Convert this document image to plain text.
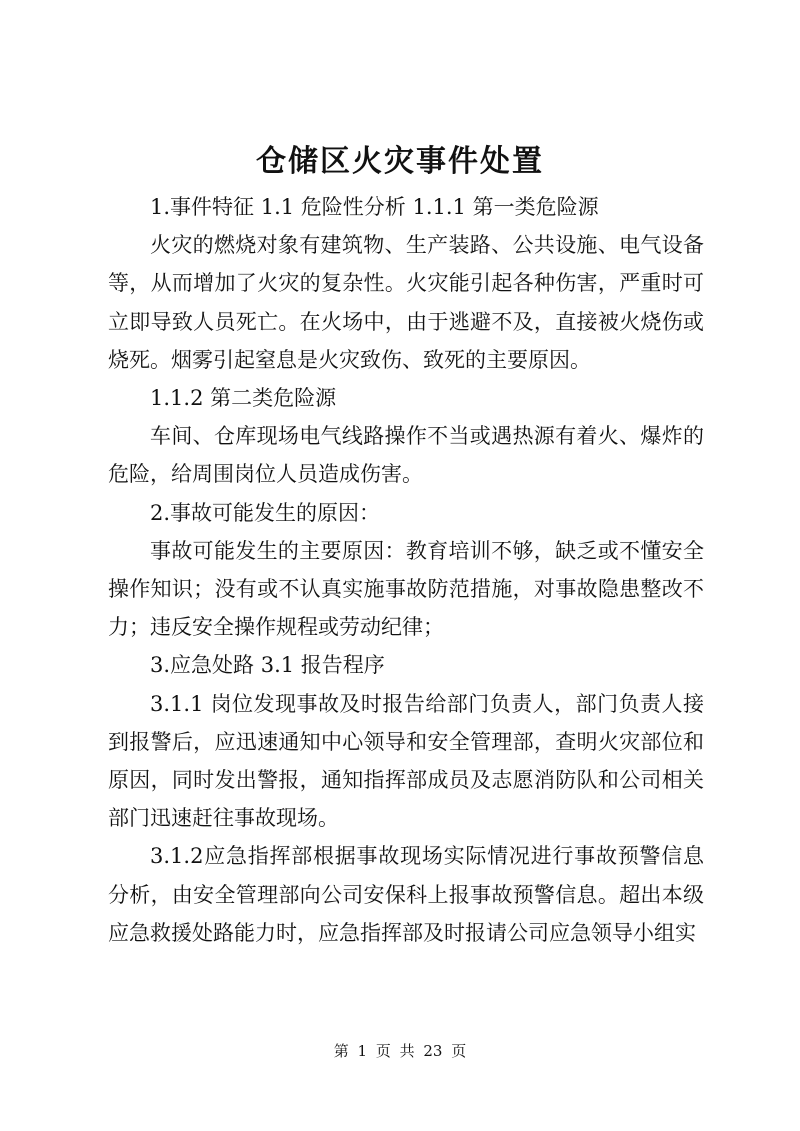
仓储区火灾事件处置

1.事件特征 1.1 危险性分析 1.1.1 第一类危险源

火灾的燃烧对象有建筑物、生产装路、公共设施、电气设备等，从而增加了火灾的复杂性。火灾能引起各种伤害，严重时可立即导致人员死亡。在火场中，由于逃避不及，直接被火烧伤或烧死。烟雾引起窒息是火灾致伤、致死的主要原因。

1.1.2 第二类危险源

车间、仓库现场电气线路操作不当或遇热源有着火、爆炸的危险，给周围岗位人员造成伤害。

2.事故可能发生的原因：

事故可能发生的主要原因：教育培训不够，缺乏或不懂安全操作知识；没有或不认真实施事故防范措施，对事故隐患整改不力；违反安全操作规程或劳动纪律；

3.应急处路 3.1 报告程序

3.1.1 岗位发现事故及时报告给部门负责人，部门负责人接到报警后，应迅速通知中心领导和安全管理部，查明火灾部位和原因，同时发出警报，通知指挥部成员及志愿消防队和公司相关部门迅速赶往事故现场。

3.1.2应急指挥部根据事故现场实际情况进行事故预警信息分析，由安全管理部向公司安保科上报事故预警信息。超出本级应急救援处路能力时，应急指挥部及时报请公司应急领导小组实

第 1 页 共 23 页
